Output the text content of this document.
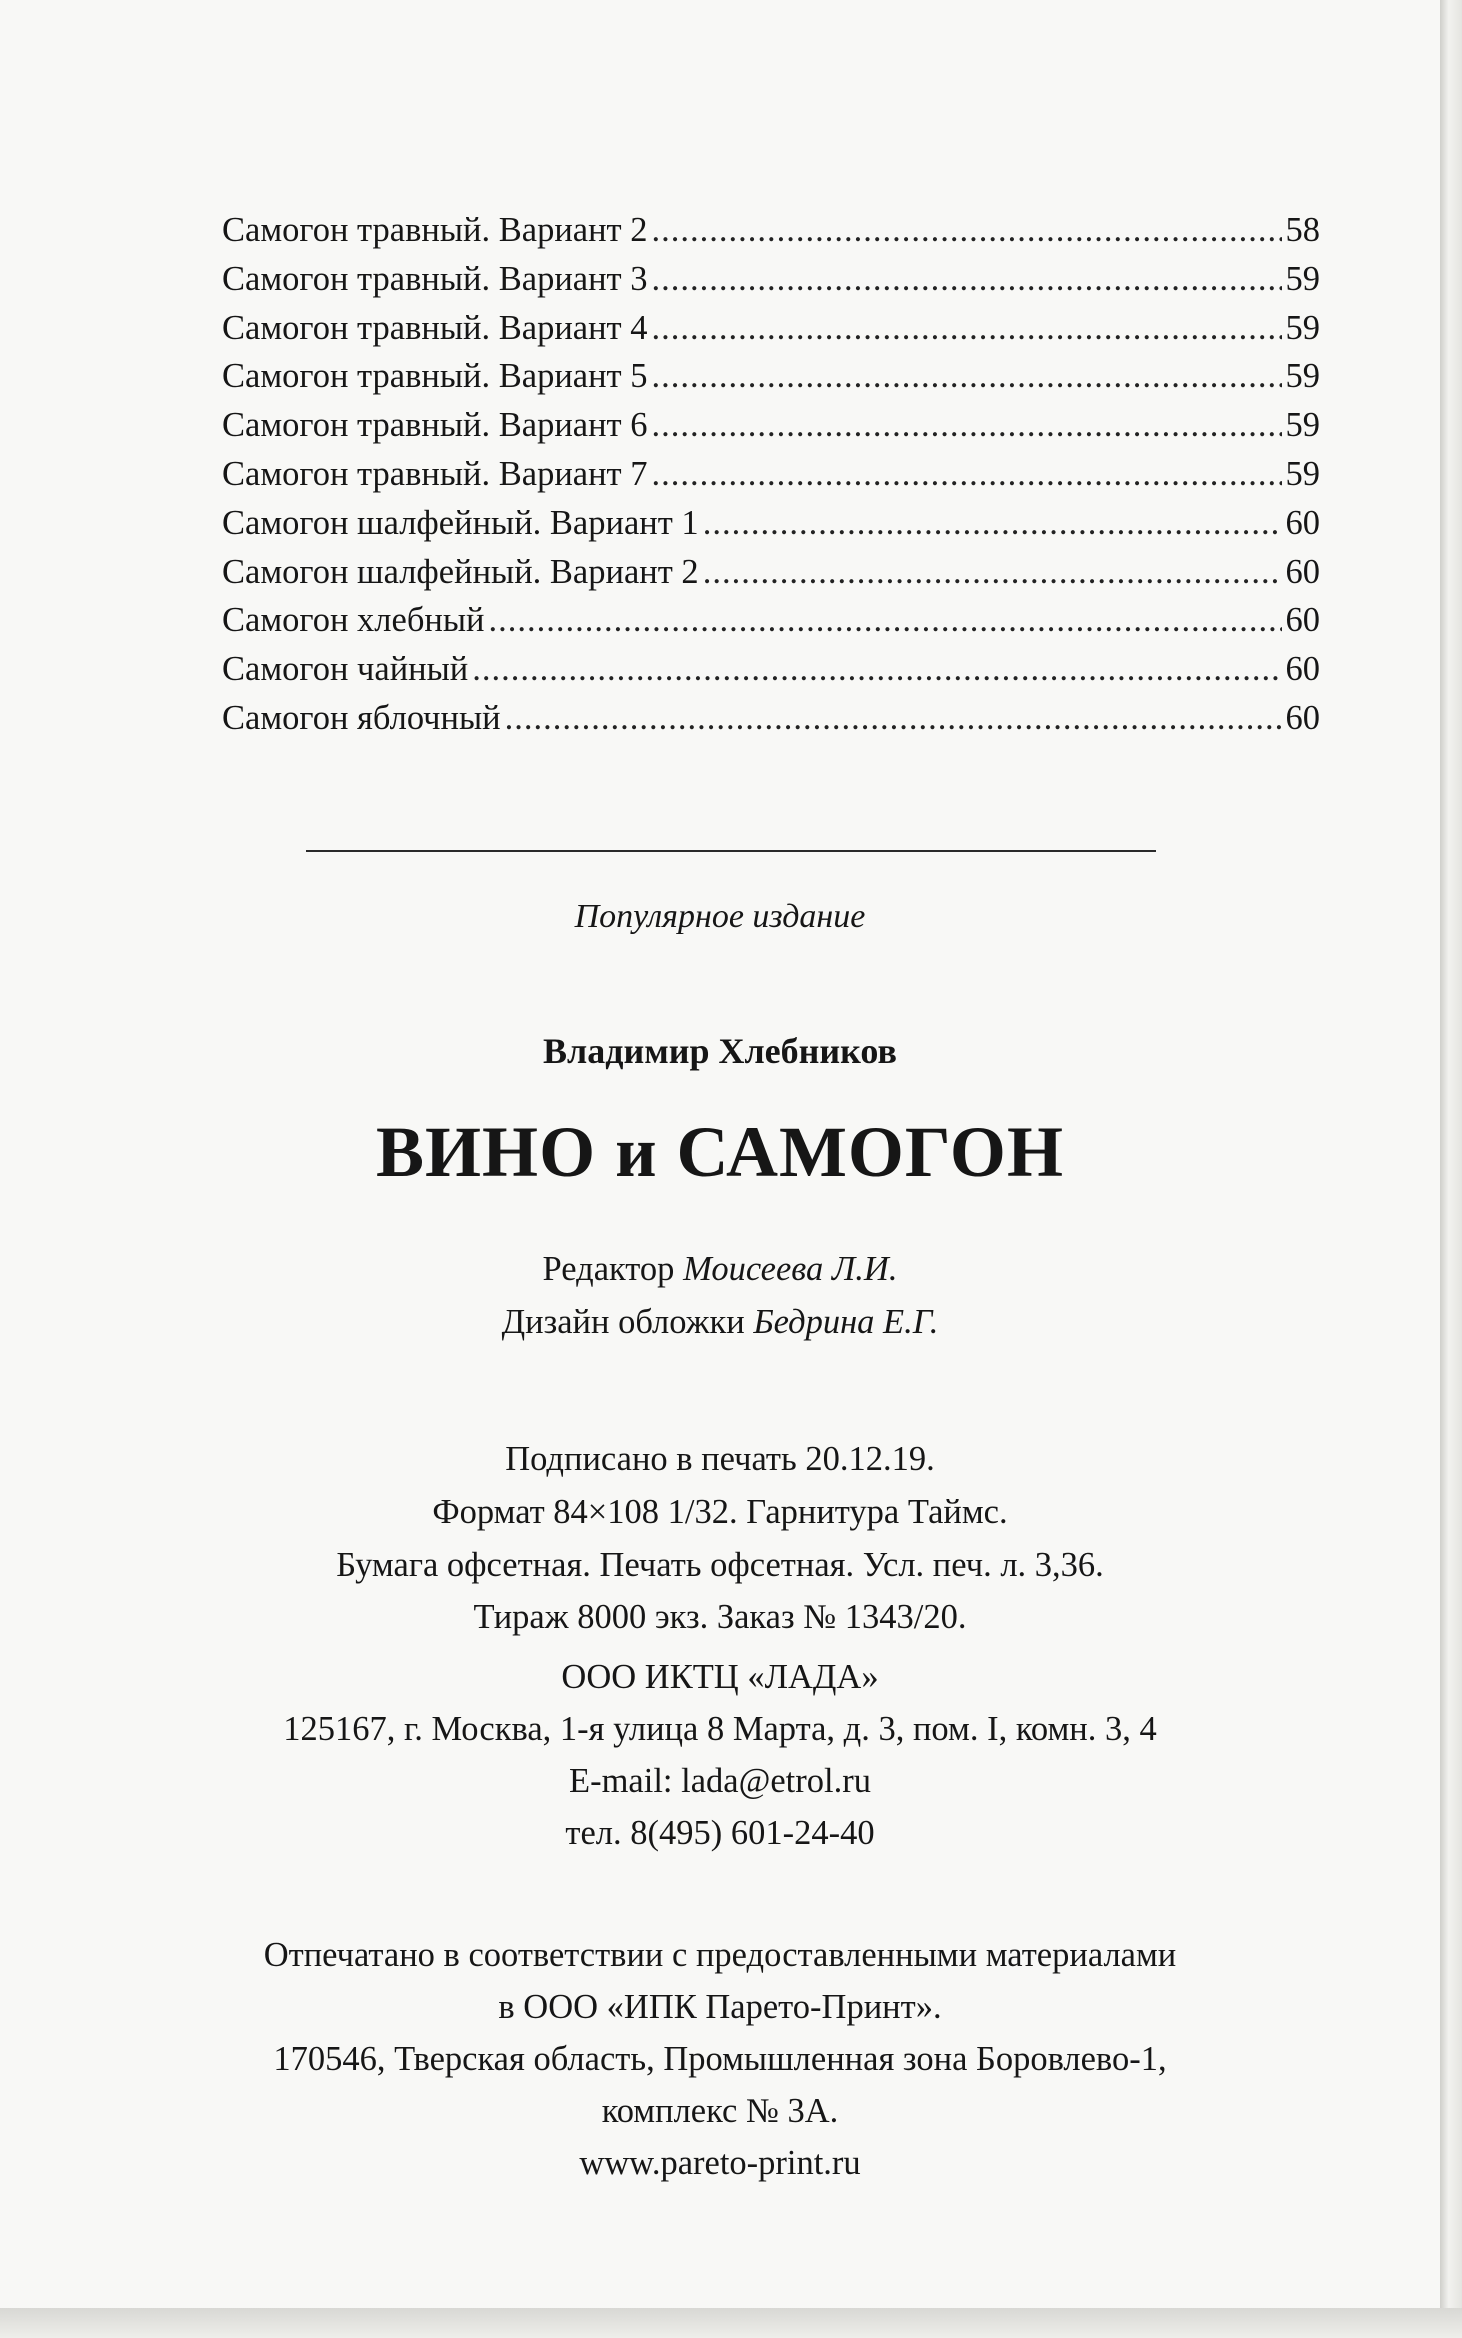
Самогон травный. Вариант 2 .....	58
Самогон травный. Вариант 3 .....	59
Самогон травный. Вариант 4 .....	59
Самогон травный. Вариант 5 .....	59
Самогон травный. Вариант 6 .....	59
Самогон травный. Вариант 7 .....	59
Самогон шалфейный. Вариант 1 .....	60
Самогон шалфейный. Вариант 2 .....	60
Самогон хлебный .....	60
Самогон чайный .....	60
Самогон яблочный .....	60
Популярное издание
Владимир Хлебников
ВИНО и САМОГОН
Редактор Моисеева Л.И.
Дизайн обложки Бедрина Е.Г.
Подписано в печать 20.12.19.
Формат 84×108 1/32. Гарнитура Таймс.
Бумага офсетная. Печать офсетная. Усл. печ. л. 3,36.
Тираж 8000 экз. Заказ № 1343/20.
ООО ИКТЦ «ЛАДА»
125167, г. Москва, 1-я улица 8 Марта, д. 3, пом. I, комн. 3, 4
E-mail: lada@etrol.ru
тел. 8(495) 601-24-40
Отпечатано в соответствии с предоставленными материалами
в ООО «ИПК Парето-Принт».
170546, Тверская область, Промышленная зона Боровлево-1,
комплекс № 3А.
www.pareto-print.ru
